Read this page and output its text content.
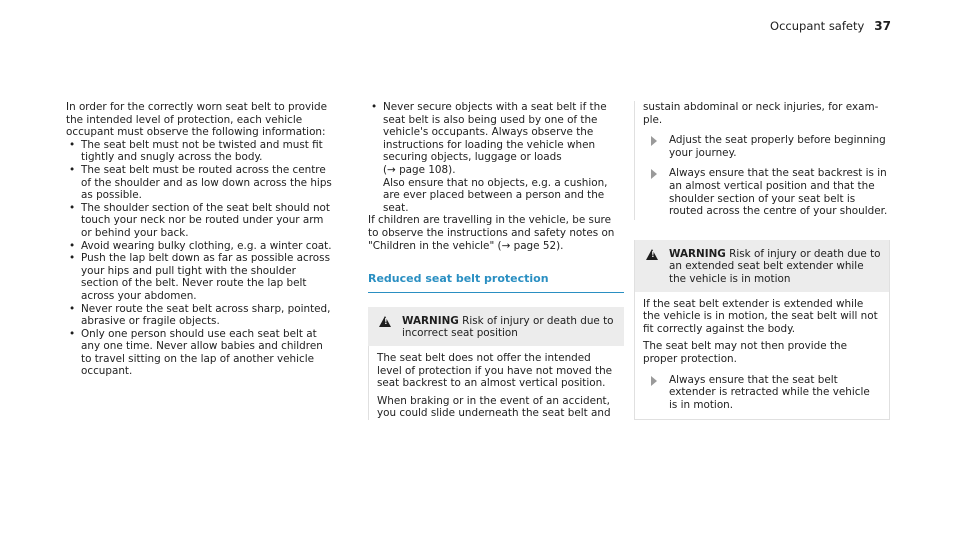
Occupant safety 37

In order for the correctly worn seat belt to provide the intended level of protection, each vehicle occupant must observe the following information:

• The seat belt must not be twisted and must fit tightly and snugly across the body.
• The seat belt must be routed across the centre of the shoulder and as low down across the hips as possible.
• The shoulder section of the seat belt should not touch your neck nor be routed under your arm or behind your back.
• Avoid wearing bulky clothing, e.g. a winter coat.
• Push the lap belt down as far as possible across your hips and pull tight with the shoulder section of the belt. Never route the lap belt across your abdomen.
• Never route the seat belt across sharp, pointed, abrasive or fragile objects.
• Only one person should use each seat belt at any one time. Never allow babies and children to travel sitting on the lap of another vehicle occupant.
• Never secure objects with a seat belt if the seat belt is also being used by one of the vehicle's occupants. Always observe the instructions for loading the vehicle when securing objects, luggage or loads
(→ page 108).
Also ensure that no objects, e.g. a cushion, are ever placed between a person and the seat.

If children are travelling in the vehicle, be sure to observe the instructions and safety notes on "Children in the vehicle" (→ page 52).

Reduced seat belt protection
! WARNING Risk of injury or death due to incorrect seat position

The seat belt does not offer the intended level of protection if you have not moved the seat backrest to an almost vertical position.

When braking or in the event of an accident, you could slide underneath the seat belt and

sustain abdominal or neck injuries, for example.

Adjust the seat properly before beginning your journey.
Always ensure that the seat backrest is in an almost vertical position and that the shoulder section of your seat belt is routed across the centre of your shoulder.
! WARNING Risk of injury or death due to an extended seat belt extender while the vehicle is in motion

If the seat belt extender is extended while the vehicle is in motion, the seat belt will not fit correctly against the body.

The seat belt may not then provide the proper protection.

Always ensure that the seat belt extender is retracted while the vehicle is in motion.
